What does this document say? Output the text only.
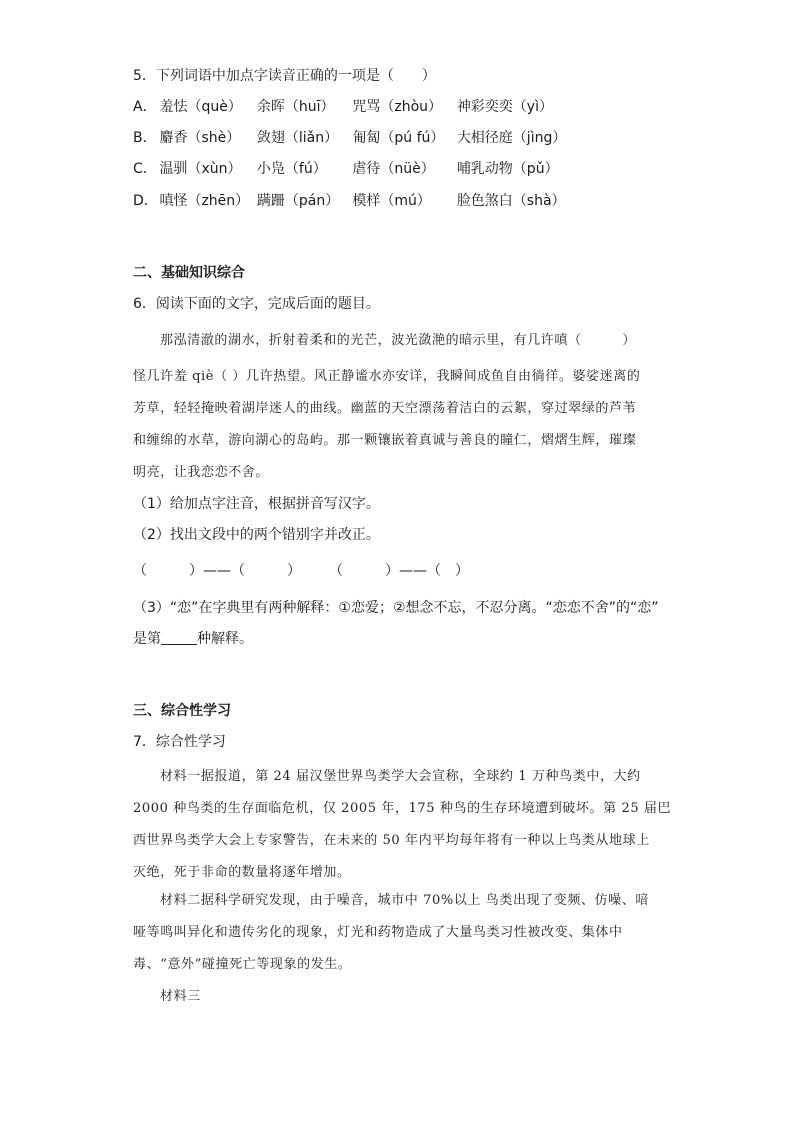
5．下列词语中加点字读音正确的一项是（　　）
A． 羞怯（què） 余晖（huī） 咒骂（zhòu） 神彩奕奕（yì）
B． 麝香（shè） 敛翅（liǎn） 匍匐（pú fú） 大相径庭（jìng）
C． 温驯（xùn） 小凫（fú） 虐待（nüè） 哺乳动物（pǔ）
D． 嗔怪（zhēn） 蹒跚（pán） 模样（mú） 脸色煞白（shà）
二、基础知识综合
6．阅读下面的文字，完成后面的题目。
那泓清澈的湖水，折射着柔和的光芒，波光潋滟的暗示里，有几许嗔（　　　）
怪几许羞 qiè（ ）几许热望。风正静谧水亦安详，我瞬间成鱼自由徜徉。婆娑迷离的
芳草，轻轻掩映着湖岸迷人的曲线。幽蓝的天空漂荡着洁白的云絮，穿过翠绿的芦苇
和缠绵的水草，游向湖心的岛屿。那一颗镶嵌着真诚与善良的瞳仁，熠熠生辉，璀璨
明亮，让我恋恋不舍。
（1）给加点字注音，根据拼音写汉字。
（2）找出文段中的两个错别字并改正。
（　　　）——（　　　）　　　（　　　）——（　）
（3）“恋”在字典里有两种解释：①恋爱；②想念不忘，不忍分离。“恋恋不舍”的“恋”
是第	种解释。
三、综合性学习
7．综合性学习
材料一据报道，第 24 届汉堡世界鸟类学大会宣称，全球约 1 万种鸟类中，大约
2000 种鸟类的生存面临危机，仅 2005 年，175 种鸟的生存环境遭到破坏。第 25 届巴
西世界鸟类学大会上专家警告，在未来的 50 年内平均每年将有一种以上鸟类从地球上
灭绝，死于非命的数量将逐年增加。
材料二据科学研究发现，由于噪音，城市中 70%以上 鸟类出现了变频、仿噪、喑
哑等鸣叫异化和遗传劣化的现象，灯光和药物造成了大量鸟类习性被改变、集体中
毒、“意外”碰撞死亡等现象的发生。
材料三
